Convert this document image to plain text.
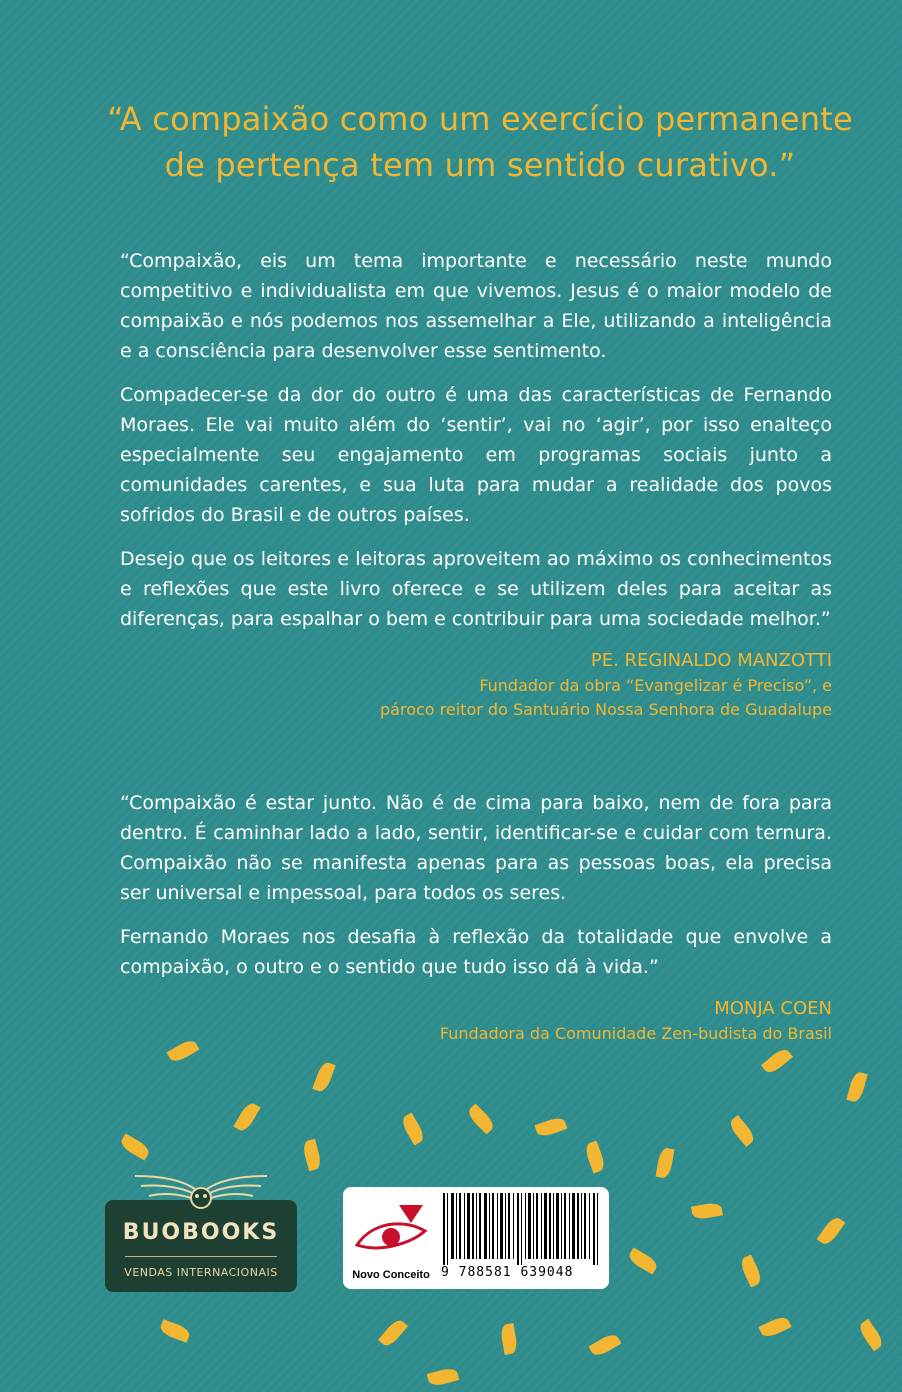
“A compaixão como um exercício permanente
de pertença tem um sentido curativo.”

“Compaixão, eis um tema importante e necessário neste mundo competitivo e individualista em que vivemos. Jesus é o maior modelo de compaixão e nós podemos nos assemelhar a Ele, utilizando a inteligência e a consciência para desenvolver esse sentimento.

Compadecer-se da dor do outro é uma das características de Fernando Moraes. Ele vai muito além do ‘sentir’, vai no ‘agir’, por isso enalteço especialmente seu engajamento em programas sociais junto a comunidades carentes, e sua luta para mudar a realidade dos povos sofridos do Brasil e de outros países.

Desejo que os leitores e leitoras aproveitem ao máximo os conhecimentos e reflexões que este livro oferece e se utilizem deles para aceitar as diferenças, para espalhar o bem e contribuir para uma sociedade melhor.”

PE. REGINALDO MANZOTTI
Fundador da obra “Evangelizar é Preciso”, e
pároco reitor do Santuário Nossa Senhora de Guadalupe

“Compaixão é estar junto. Não é de cima para baixo, nem de fora para dentro. É caminhar lado a lado, sentir, identificar-se e cuidar com ternura. Compaixão não se manifesta apenas para as pessoas boas, ela precisa ser universal e impessoal, para todos os seres.

Fernando Moraes nos desafia à reflexão da totalidade que envolve a compaixão, o outro e o sentido que tudo isso dá à vida.”

MONJA COEN
Fundadora da Comunidade Zen-budista do Brasil
BUOBOOKS
VENDAS INTERNACIONAIS	Novo Conceito 9 788581 639048
